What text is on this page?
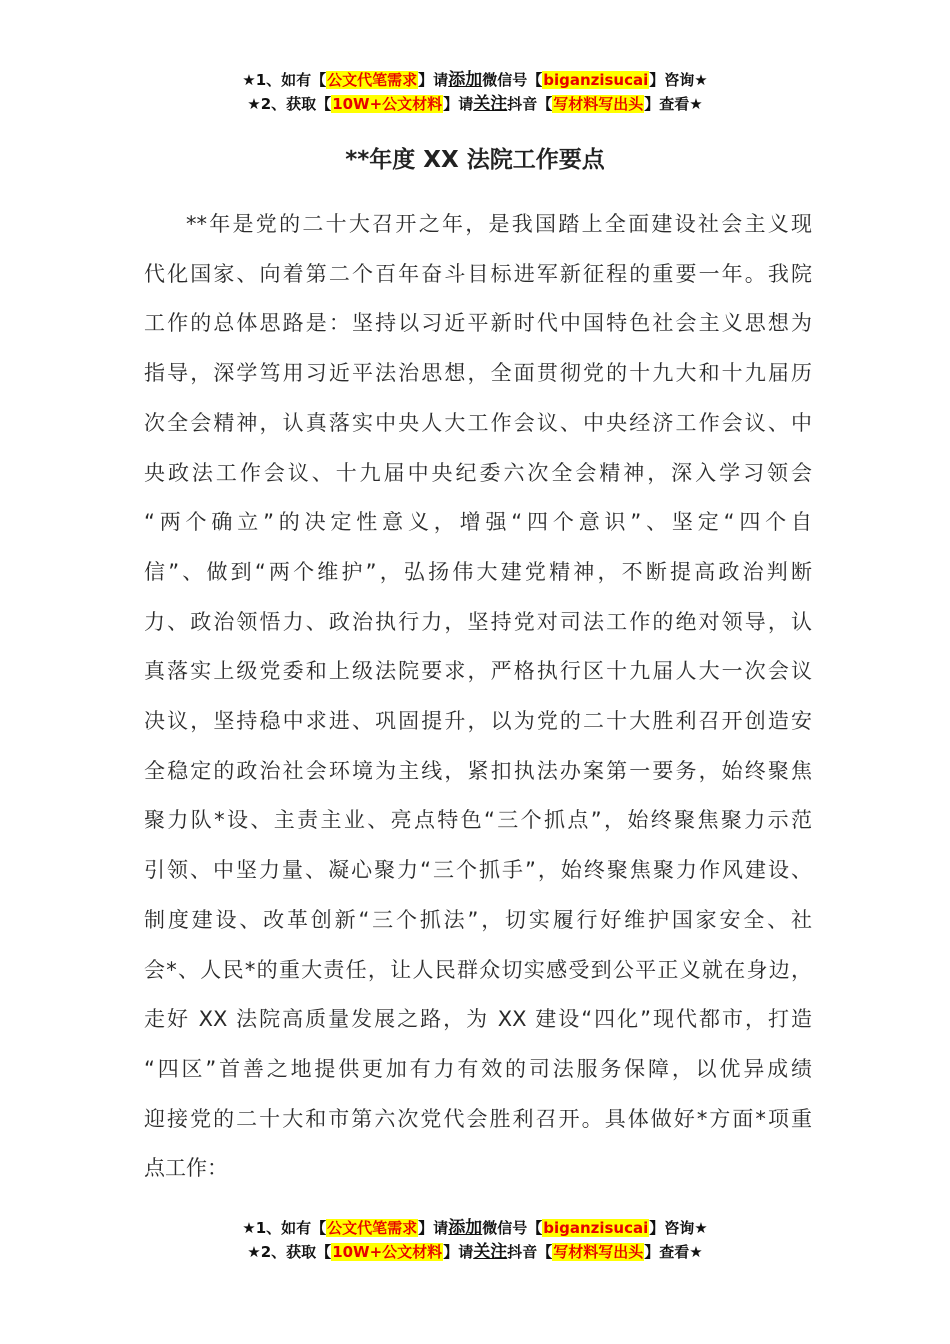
★1、如有【公文代笔需求】请添加微信号【biganzisucai】咨询★
★2、获取【10W+公文材料】请关注抖音【写材料写出头】查看★
**年度 XX 法院工作要点
**年是党的二十大召开之年，是我国踏上全面建设社会主义现
代化国家、向着第二个百年奋斗目标进军新征程的重要一年。我院
工作的总体思路是：坚持以习近平新时代中国特色社会主义思想为
指导，深学笃用习近平法治思想，全面贯彻党的十九大和十九届历
次全会精神，认真落实中央人大工作会议、中央经济工作会议、中
央政法工作会议、十九届中央纪委六次全会精神，深入学习领会
“两个确立”的决定性意义，增强“四个意识”、坚定“四个自
信”、做到“两个维护”，弘扬伟大建党精神，不断提高政治判断
力、政治领悟力、政治执行力，坚持党对司法工作的绝对领导，认
真落实上级党委和上级法院要求，严格执行区十九届人大一次会议
决议，坚持稳中求进、巩固提升，以为党的二十大胜利召开创造安
全稳定的政治社会环境为主线，紧扣执法办案第一要务，始终聚焦
聚力队*设、主责主业、亮点特色“三个抓点”，始终聚焦聚力示范
引领、中坚力量、凝心聚力“三个抓手”，始终聚焦聚力作风建设、
制度建设、改革创新“三个抓法”，切实履行好维护国家安全、社
会*、人民*的重大责任，让人民群众切实感受到公平正义就在身边，
走好 XX 法院高质量发展之路，为 XX 建设“四化”现代都市，打造
“四区”首善之地提供更加有力有效的司法服务保障，以优异成绩
迎接党的二十大和市第六次党代会胜利召开。具体做好*方面*项重
点工作：
★1、如有【公文代笔需求】请添加微信号【biganzisucai】咨询★
★2、获取【10W+公文材料】请关注抖音【写材料写出头】查看★
